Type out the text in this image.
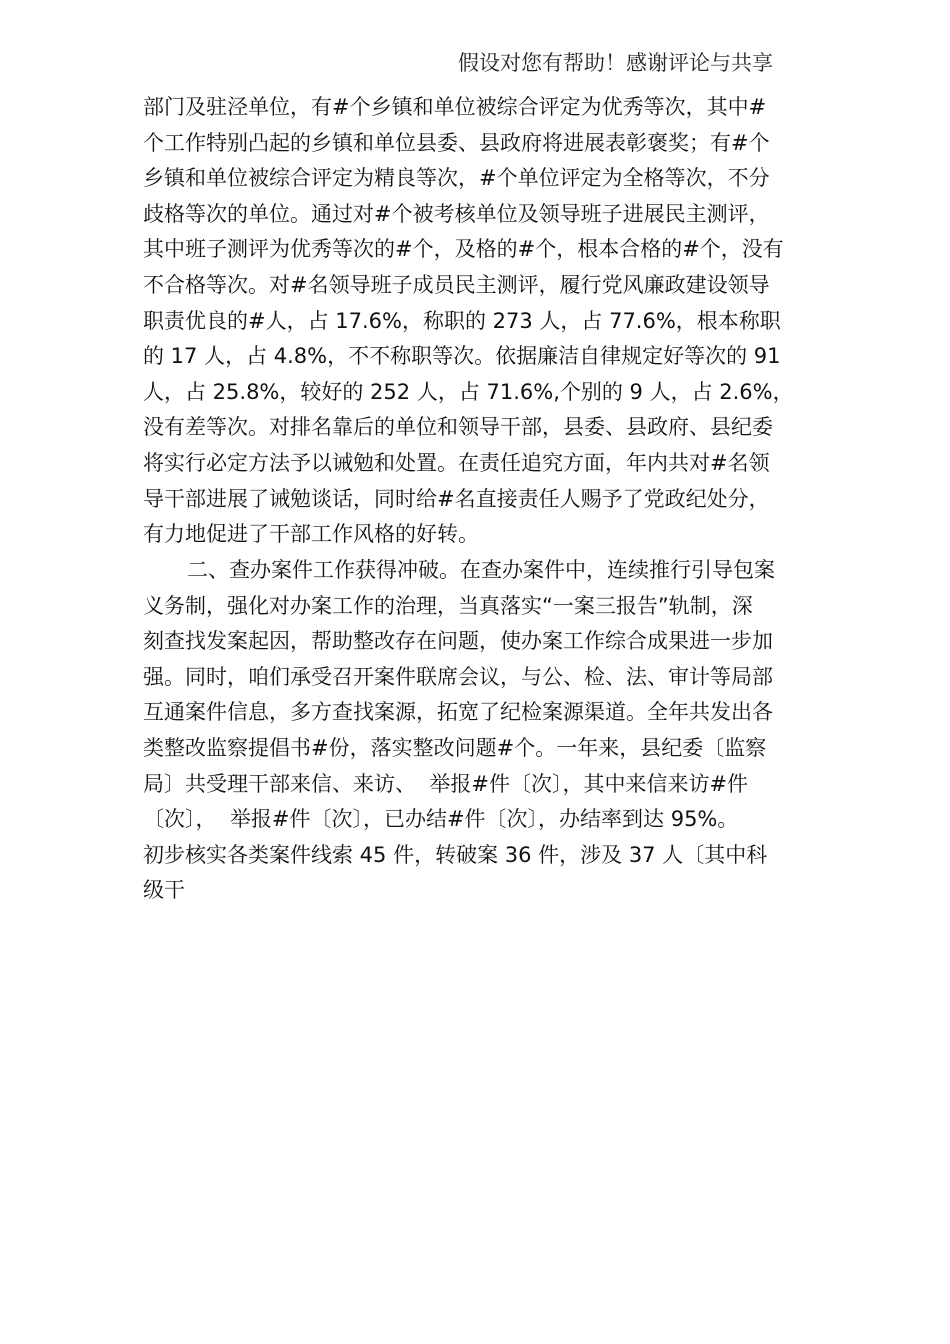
假设对您有帮助！感谢评论与共享
部门及驻泾单位，有#个乡镇和单位被综合评定为优秀等次，其中#
个工作特别凸起的乡镇和单位县委、县政府将进展表彰褒奖；有#个
乡镇和单位被综合评定为精良等次，#个单位评定为全格等次，不分
歧格等次的单位。通过对#个被考核单位及领导班子进展民主测评，
其中班子测评为优秀等次的#个，及格的#个，根本合格的#个，没有
不合格等次。对#名领导班子成员民主测评，履行党风廉政建设领导
职责优良的#人，占 17.6%，称职的 273 人，占 77.6%，根本称职
的 17 人，占 4.8%，不不称职等次。依据廉洁自律规定好等次的 91
人，占 25.8%，较好的 252 人，占 71.6%,个别的 9 人，占 2.6%，
没有差等次。对排名靠后的单位和领导干部，县委、县政府、县纪委
将实行必定方法予以诫勉和处置。在责任追究方面，年内共对#名领
导干部进展了诫勉谈话，同时给#名直接责任人赐予了党政纪处分，
有力地促进了干部工作风格的好转。
二、查办案件工作获得冲破。在查办案件中，连续推行引导包案
义务制，强化对办案工作的治理，当真落实“一案三报告”轨制，深
刻查找发案起因，帮助整改存在问题，使办案工作综合成果进一步加
强。同时，咱们承受召开案件联席会议，与公、检、法、审计等局部
互通案件信息，多方查找案源，拓宽了纪检案源渠道。全年共发出各
类整改监察提倡书#份，落实整改问题#个。一年来，县纪委〔监察
局〕共受理干部来信、来访、  举报#件〔次〕，其中来信来访#件
〔次〕，  举报#件〔次〕，已办结#件〔次〕，办结率到达 95%。
初步核实各类案件线索 45 件，转破案 36 件，涉及 37 人〔其中科
级干
